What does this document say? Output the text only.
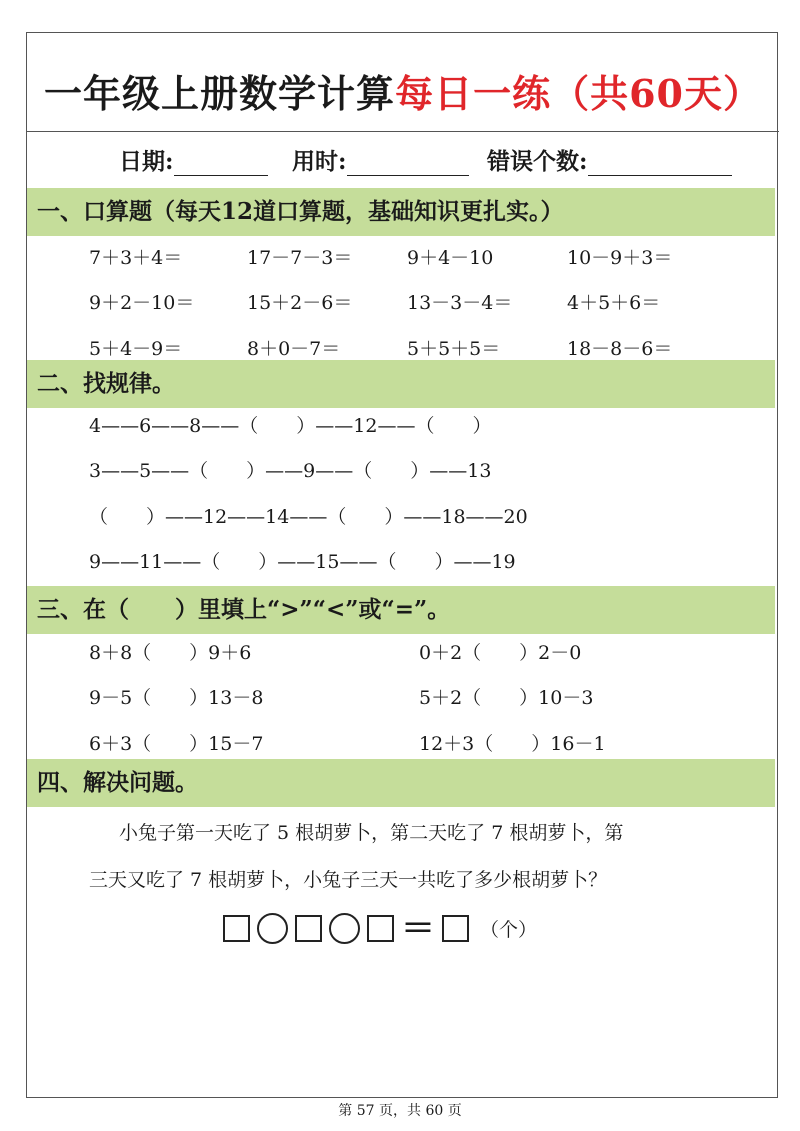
一年级上册数学计算每日一练（共60天）
日期:	用时:	错误个数:
一、口算题（每天12道口算题，基础知识更扎实。）
7＋3＋4＝	17－7－3＝	9＋4－10	10－9＋3＝
9＋2－10＝	15＋2－6＝	13－3－4＝	4＋5＋6＝
5＋4－9＝	8＋0－7＝	5＋5＋5＝	18－8－6＝
二、找规律。
4——6——8——（　　）——12——（　　）
3——5——（　　）——9——（　　）——13
（　　）——12——14——（　　）——18——20
9——11——（　　）——15——（　　）——19
三、在（　　）里填上“>”“<”或“=”。
8＋8（　　）9＋6	0＋2（　　）2－0
9－5（　　）13－8	5＋2（　　）10－3
6＋3（　　）15－7	12＋3（　　）16－1
四、解决问题。
小兔子第一天吃了 5 根胡萝卜，第二天吃了 7 根胡萝卜，第
三天又吃了 7 根胡萝卜，小兔子三天一共吃了多少根胡萝卜？
＝ （个）
第 57 页，共 60 页
